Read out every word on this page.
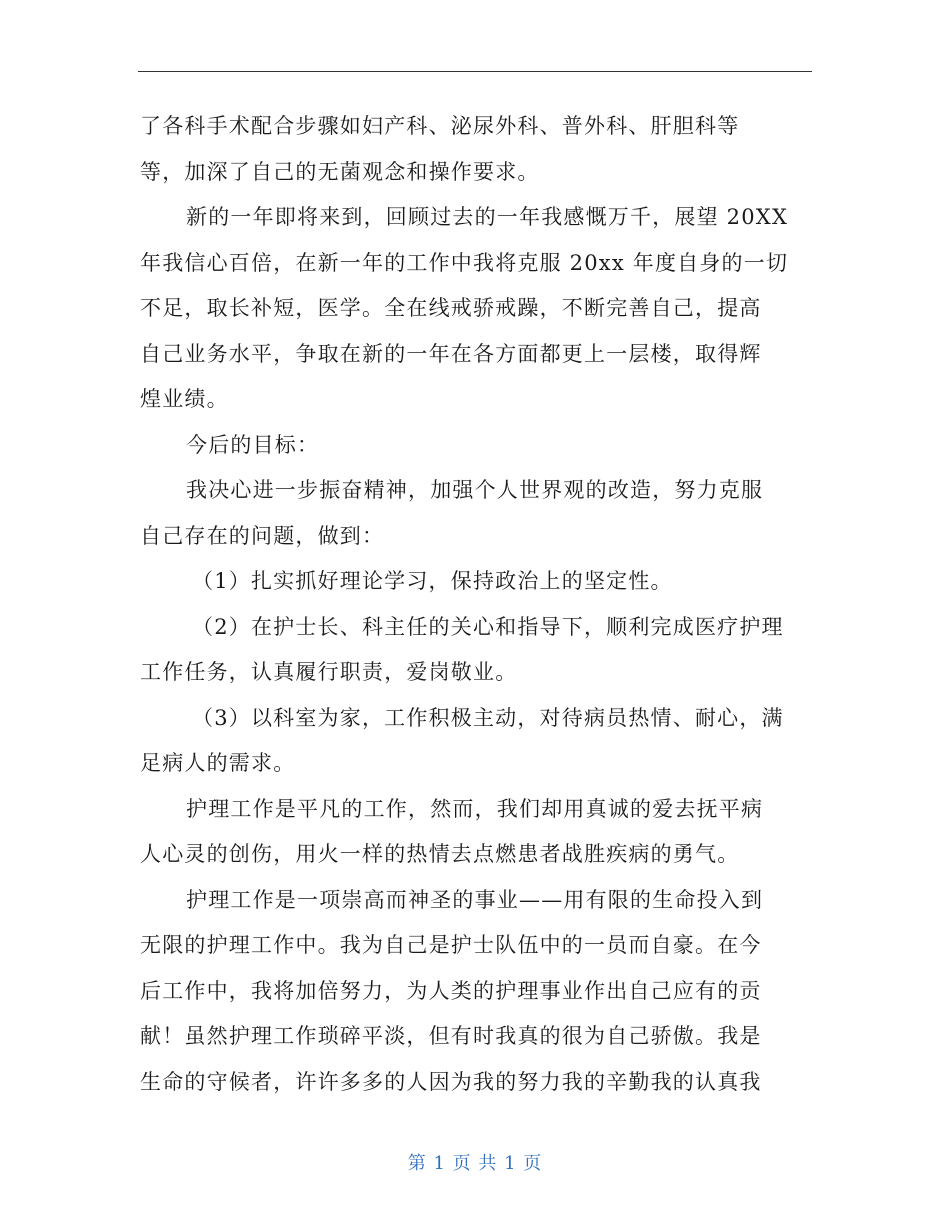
了各科手术配合步骤如妇产科、泌尿外科、普外科、肝胆科等
等，加深了自己的无菌观念和操作要求。
新的一年即将来到，回顾过去的一年我感慨万千，展望 20XX
年我信心百倍，在新一年的工作中我将克服 20xx 年度自身的一切
不足，取长补短，医学。全在线戒骄戒躁，不断完善自己，提高
自己业务水平，争取在新的一年在各方面都更上一层楼，取得辉
煌业绩。
今后的目标：
我决心进一步振奋精神，加强个人世界观的改造，努力克服
自己存在的问题，做到：
（1）扎实抓好理论学习，保持政治上的坚定性。
（2）在护士长、科主任的关心和指导下，顺利完成医疗护理
工作任务，认真履行职责，爱岗敬业。
（3）以科室为家，工作积极主动，对待病员热情、耐心，满
足病人的需求。
护理工作是平凡的工作，然而，我们却用真诚的爱去抚平病
人心灵的创伤，用火一样的热情去点燃患者战胜疾病的勇气。
护理工作是一项崇高而神圣的事业——用有限的生命投入到
无限的护理工作中。我为自己是护士队伍中的一员而自豪。在今
后工作中，我将加倍努力，为人类的护理事业作出自己应有的贡
献！虽然护理工作琐碎平淡，但有时我真的很为自己骄傲。我是
生命的守候者，许许多多的人因为我的努力我的辛勤我的认真我
第 1 页 共 1 页
